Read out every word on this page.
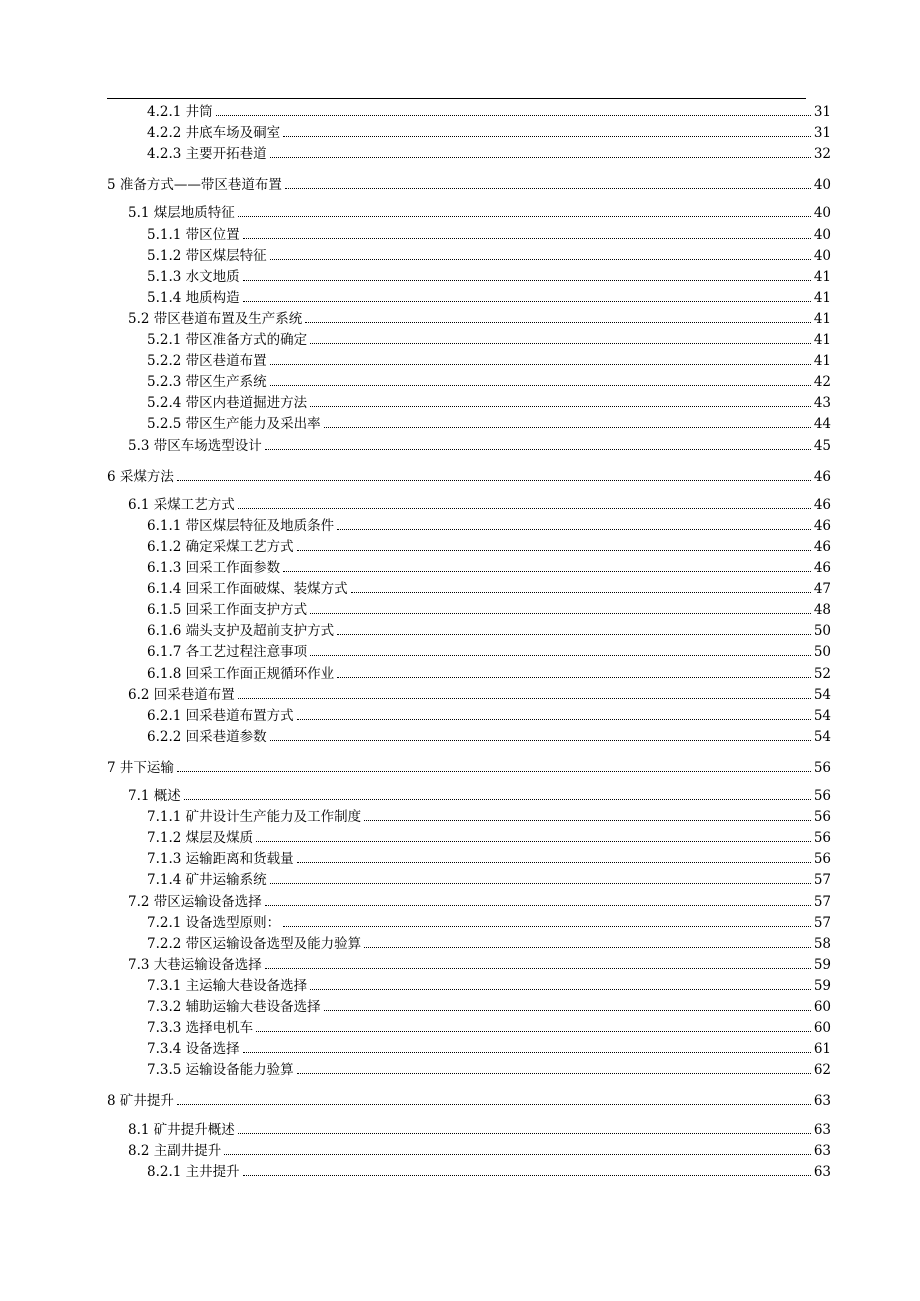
4.2.1 井筒	31
4.2.2 井底车场及硐室	31
4.2.3 主要开拓巷道	32
5 准备方式——带区巷道布置	40
5.1 煤层地质特征	40
5.1.1 带区位置	40
5.1.2 带区煤层特征	40
5.1.3 水文地质	41
5.1.4 地质构造	41
5.2 带区巷道布置及生产系统	41
5.2.1 带区准备方式的确定	41
5.2.2 带区巷道布置	41
5.2.3 带区生产系统	42
5.2.4 带区内巷道掘进方法	43
5.2.5 带区生产能力及采出率	44
5.3 带区车场选型设计	45
6 采煤方法	46
6.1 采煤工艺方式	46
6.1.1 带区煤层特征及地质条件	46
6.1.2 确定采煤工艺方式	46
6.1.3 回采工作面参数	46
6.1.4 回采工作面破煤、装煤方式	47
6.1.5 回采工作面支护方式	48
6.1.6 端头支护及超前支护方式	50
6.1.7 各工艺过程注意事项	50
6.1.8 回采工作面正规循环作业	52
6.2 回采巷道布置	54
6.2.1 回采巷道布置方式	54
6.2.2 回采巷道参数	54
7 井下运输	56
7.1 概述	56
7.1.1 矿井设计生产能力及工作制度	56
7.1.2 煤层及煤质	56
7.1.3 运输距离和货载量	56
7.1.4 矿井运输系统	57
7.2 带区运输设备选择	57
7.2.1 设备选型原则：	57
7.2.2 带区运输设备选型及能力验算	58
7.3 大巷运输设备选择	59
7.3.1 主运输大巷设备选择	59
7.3.2 辅助运输大巷设备选择	60
7.3.3 选择电机车	60
7.3.4 设备选择	61
7.3.5 运输设备能力验算	62
8 矿井提升	63
8.1 矿井提升概述	63
8.2 主副井提升	63
8.2.1 主井提升	63
